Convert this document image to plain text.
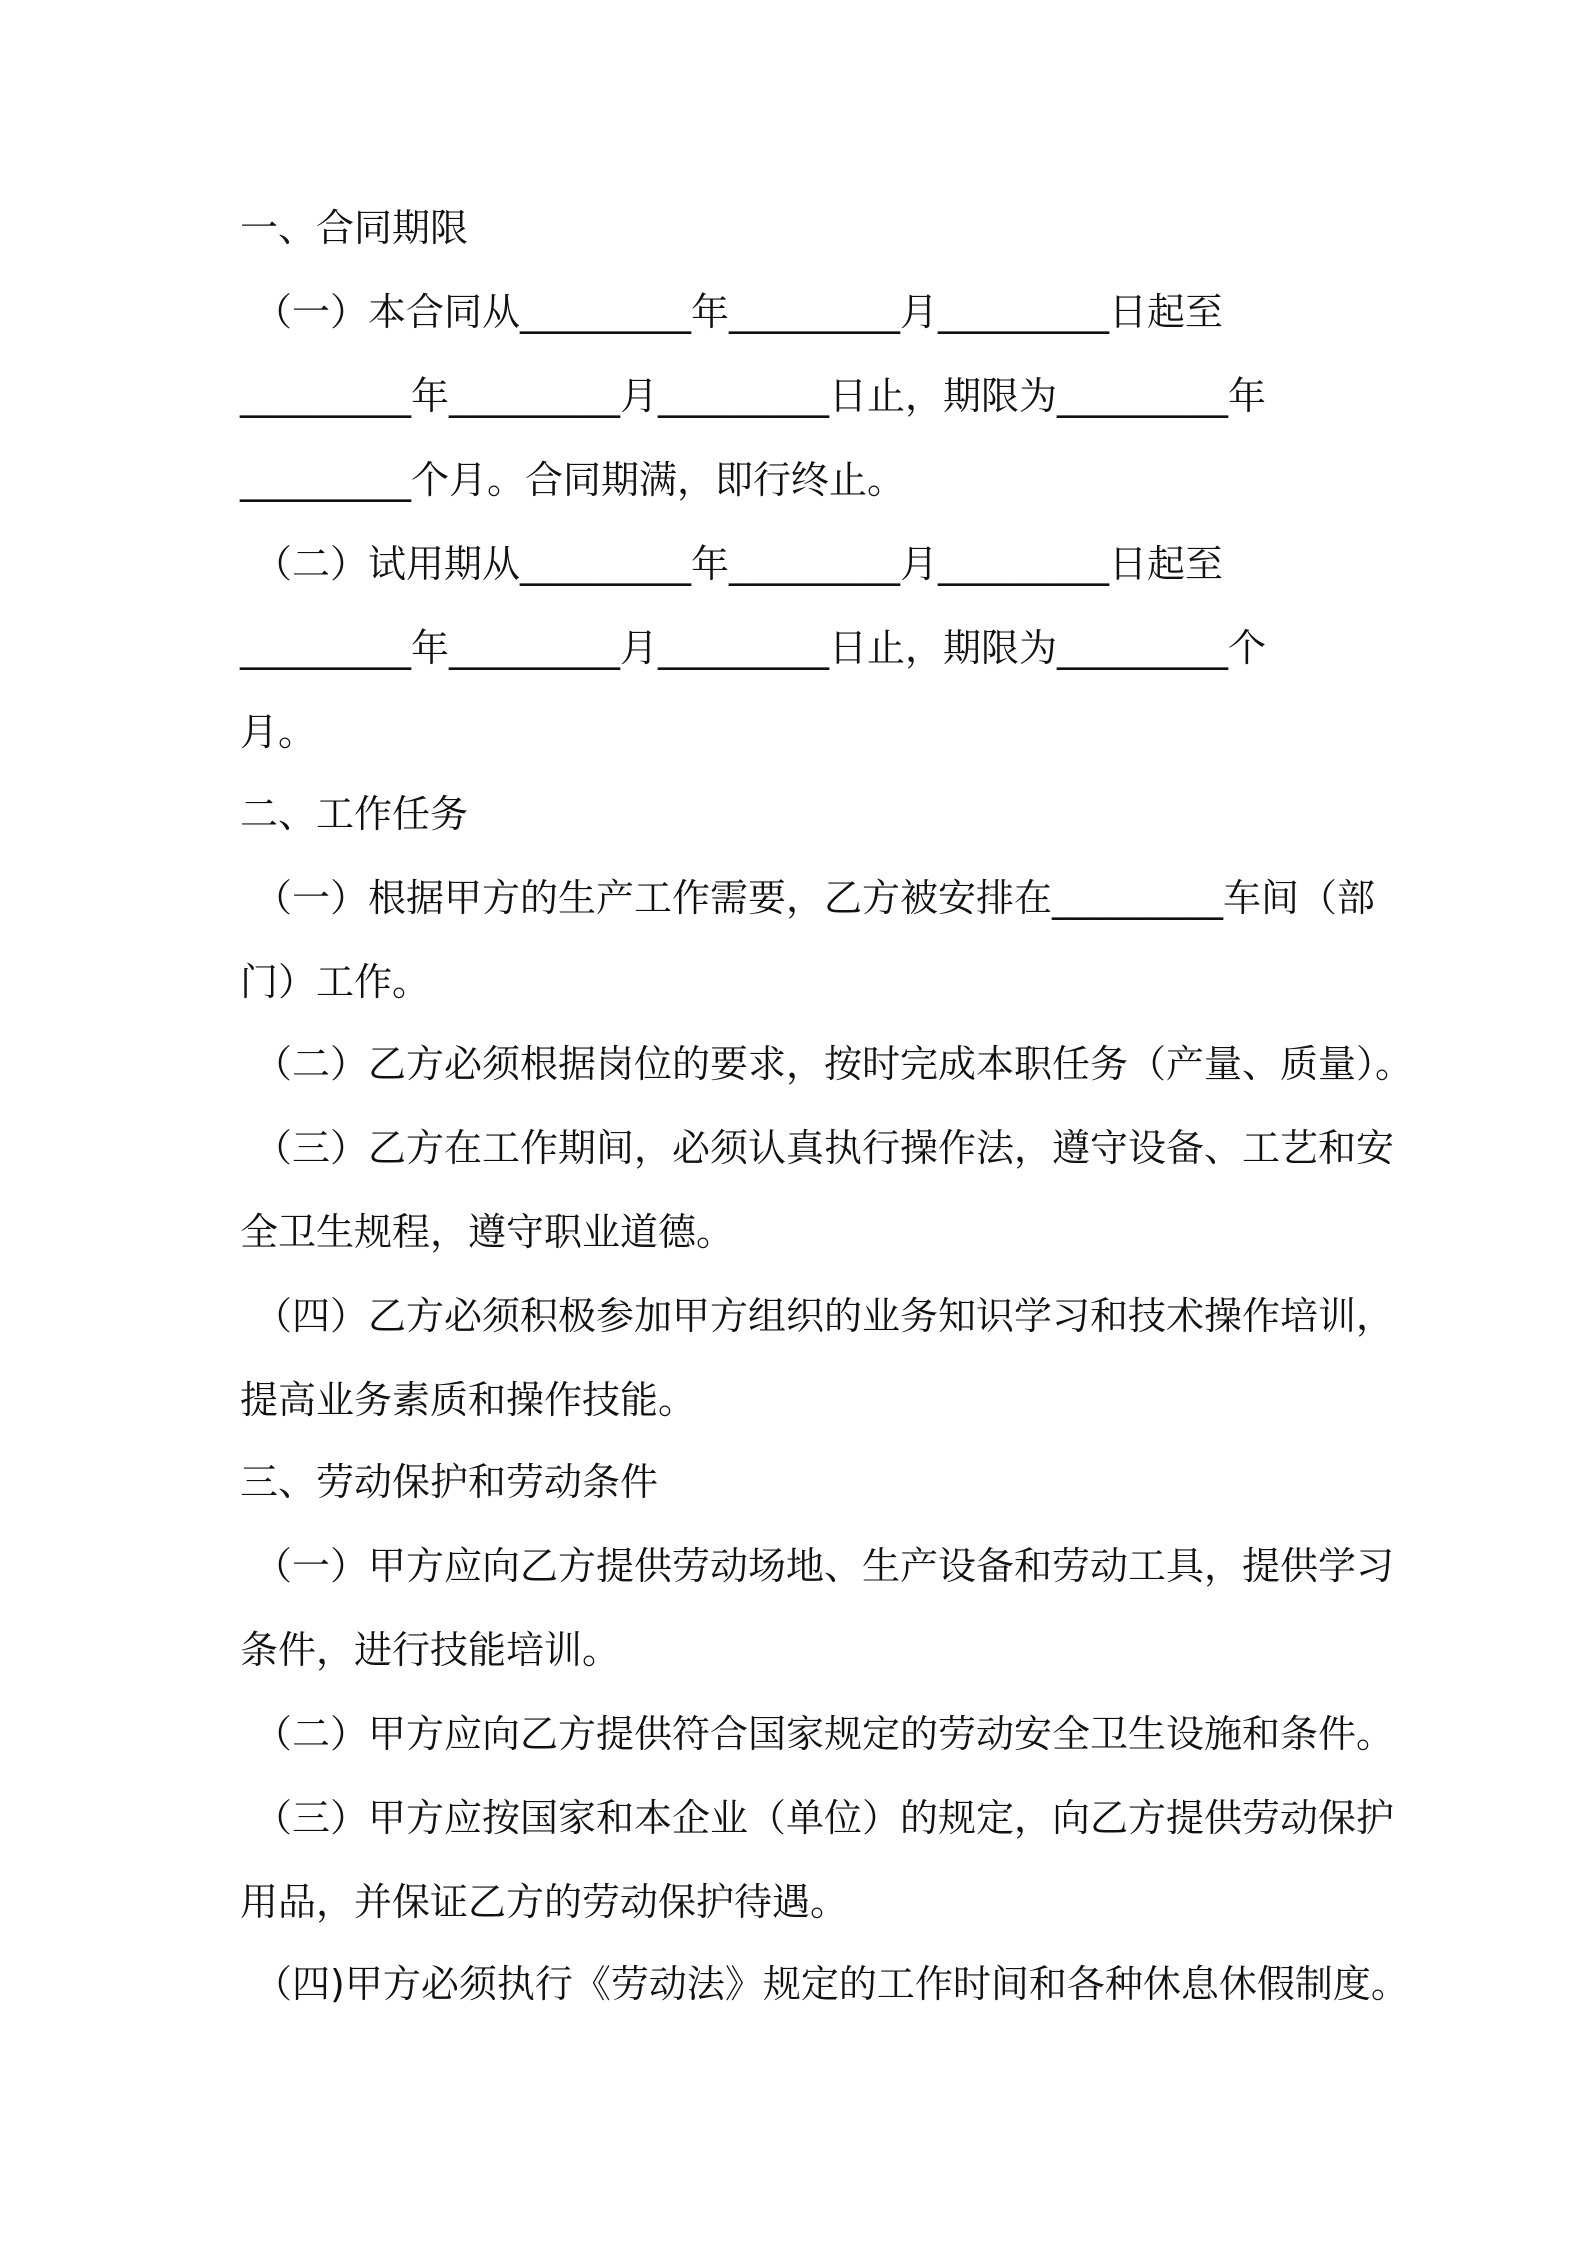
一、合同期限
（一）本合同从_________年_________月_________日起至
_________年_________月_________日止，期限为_________年
_________个月。合同期满，即行终止。
（二）试用期从_________年_________月_________日起至
_________年_________月_________日止，期限为_________个
月。
二、工作任务
（一）根据甲方的生产工作需要，乙方被安排在_________车间（部
门）工作。
（二）乙方必须根据岗位的要求，按时完成本职任务（产量、质量）。
（三）乙方在工作期间，必须认真执行操作法，遵守设备、工艺和安
全卫生规程，遵守职业道德。
（四）乙方必须积极参加甲方组织的业务知识学习和技术操作培训，
提高业务素质和操作技能。
三、劳动保护和劳动条件
（一）甲方应向乙方提供劳动场地、生产设备和劳动工具，提供学习
条件，进行技能培训。
（二）甲方应向乙方提供符合国家规定的劳动安全卫生设施和条件。
（三）甲方应按国家和本企业（单位）的规定，向乙方提供劳动保护
用品，并保证乙方的劳动保护待遇。
（四)甲方必须执行《劳动法》规定的工作时间和各种休息休假制度。
